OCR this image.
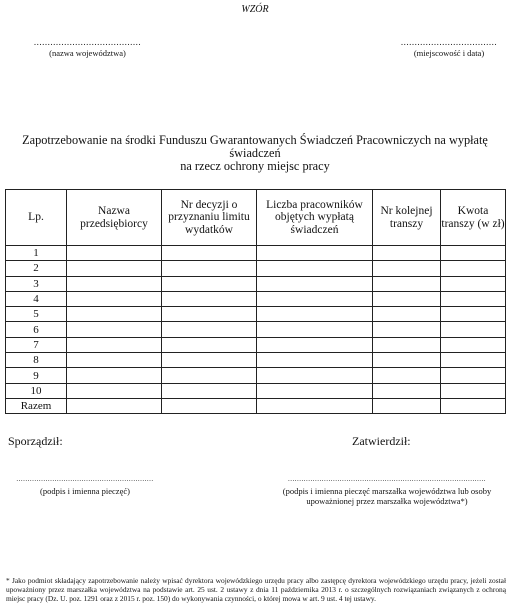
WZÓR
.......................................
(nazwa województwa)
...................................
(miejscowość i data)
Zapotrzebowanie na środki Funduszu Gwarantowanych Świadczeń Pracowniczych na wypłatę świadczeń
na rzecz ochrony miejsc pracy
Lp.	Nazwa przedsiębiorcy	Nr decyzji o przyznaniu limitu wydatków	Liczba pracowników objętych wypłatą świadczeń	Nr kolejnej transzy	Kwota transzy (w zł)
1					
2					
3					
4					
5					
6					
7					
8					
9					
10					
Razem					
Sporządził:	Zatwierdził:
.............................................................
(podpis i imienna pieczęć)
........................................................................................
(podpis i imienna pieczęć marszałka województwa lub osoby
upoważnionej przez marszałka województwa*)
* Jako podmiot składający zapotrzebowanie należy wpisać dyrektora wojewódzkiego urzędu pracy albo zastępcę dyrektora wojewódzkiego urzędu pracy, jeżeli został upoważniony przez marszałka województwa na podstawie art. 25 ust. 2 ustawy z dnia 11 października 2013 r. o szczególnych rozwiązaniach związanych z ochroną miejsc pracy (Dz. U. poz. 1291 oraz z 2015 r. poz. 150) do wykonywania czynności, o której mowa w art. 9 ust. 4 tej ustawy.
